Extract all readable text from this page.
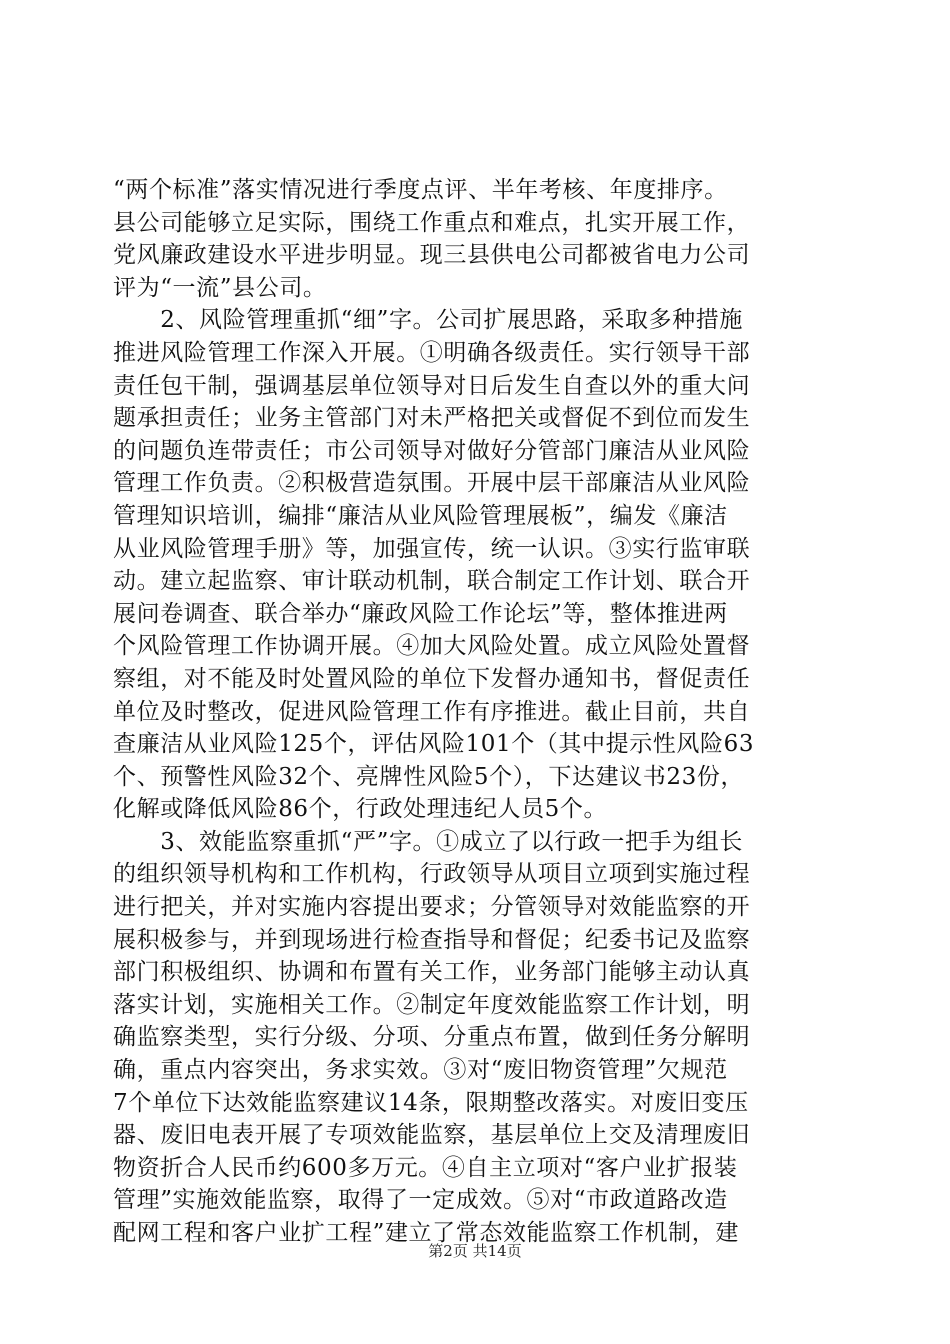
“两个标准”落实情况进行季度点评、半年考核、年度排序。
县公司能够立足实际，围绕工作重点和难点，扎实开展工作，
党风廉政建设水平进步明显。现三县供电公司都被省电力公司
评为“一流”县公司。
　　2、风险管理重抓“细”字。公司扩展思路，采取多种措施
推进风险管理工作深入开展。①明确各级责任。实行领导干部
责任包干制，强调基层单位领导对日后发生自查以外的重大问
题承担责任；业务主管部门对未严格把关或督促不到位而发生
的问题负连带责任；市公司领导对做好分管部门廉洁从业风险
管理工作负责。②积极营造氛围。开展中层干部廉洁从业风险
管理知识培训，编排“廉洁从业风险管理展板”，编发《廉洁
从业风险管理手册》等，加强宣传，统一认识。③实行监审联
动。建立起监察、审计联动机制，联合制定工作计划、联合开
展问卷调查、联合举办“廉政风险工作论坛”等，整体推进两
个风险管理工作协调开展。④加大风险处置。成立风险处置督
察组，对不能及时处置风险的单位下发督办通知书，督促责任
单位及时整改，促进风险管理工作有序推进。截止目前，共自
查廉洁从业风险125个，评估风险101个（其中提示性风险63
个、预警性风险32个、亮牌性风险5个），下达建议书23份，
化解或降低风险86个，行政处理违纪人员5个。
　　3、效能监察重抓“严”字。①成立了以行政一把手为组长
的组织领导机构和工作机构，行政领导从项目立项到实施过程
进行把关，并对实施内容提出要求；分管领导对效能监察的开
展积极参与，并到现场进行检查指导和督促；纪委书记及监察
部门积极组织、协调和布置有关工作，业务部门能够主动认真
落实计划，实施相关工作。②制定年度效能监察工作计划，明
确监察类型，实行分级、分项、分重点布置，做到任务分解明
确，重点内容突出，务求实效。③对“废旧物资管理”欠规范
7个单位下达效能监察建议14条，限期整改落实。对废旧变压
器、废旧电表开展了专项效能监察，基层单位上交及清理废旧
物资折合人民币约600多万元。④自主立项对“客户业扩报装
管理”实施效能监察，取得了一定成效。⑤对“市政道路改造
配网工程和客户业扩工程”建立了常态效能监察工作机制，建
第2页 共14页
